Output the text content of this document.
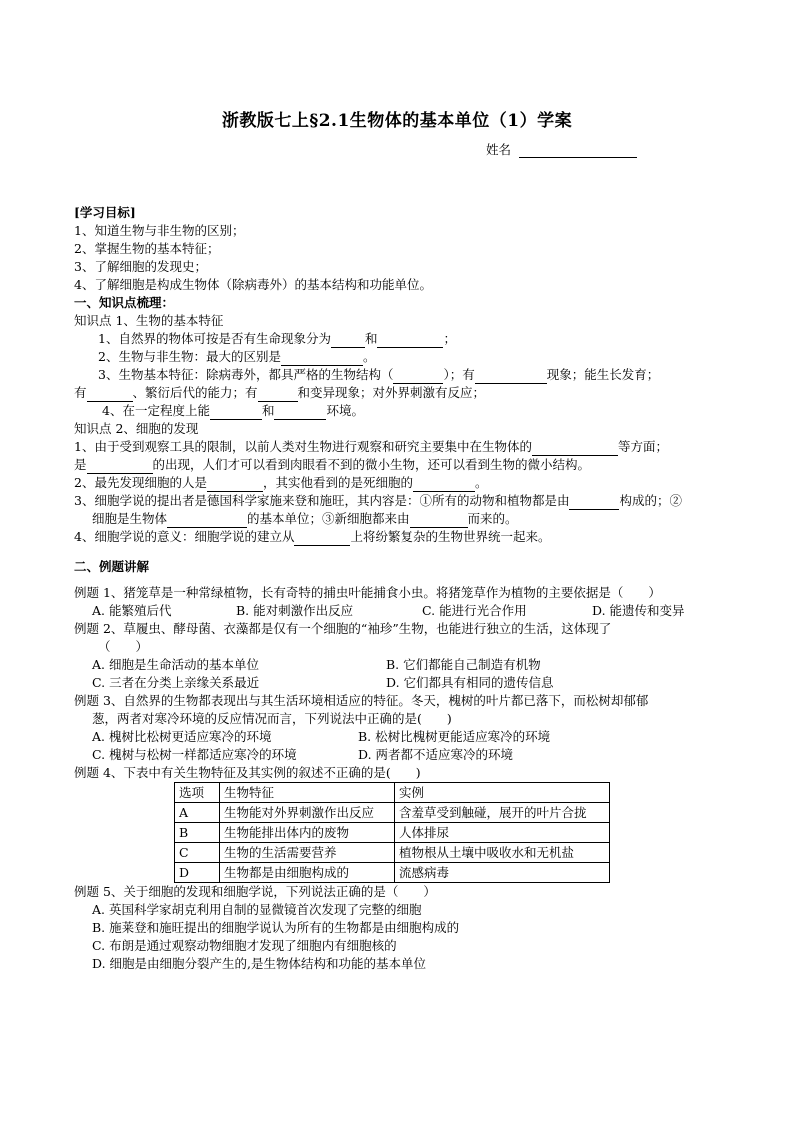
浙教版七上§2.1生物体的基本单位（1）学案
姓名
[学习目标]
1、知道生物与非生物的区别；
2、掌握生物的基本特征；
3、了解细胞的发现史；
4、了解细胞是构成生物体（除病毒外）的基本结构和功能单位。
一、知识点梳理：
知识点 1、生物的基本特征
1、自然界的物体可按是否有生命现象分为	和	；
2、生物与非生物：最大的区别是	。
3、生物基本特征：除病毒外，都具严格的生物结构（	）；有	现象；能生长发育；
有	、繁衍后代的能力；有	和变异现象；对外界刺激有反应；
4、在一定程度上能	和	环境。
知识点 2、细胞的发现
1、由于受到观察工具的限制，以前人类对生物进行观察和研究主要集中在生物体的	等方面；
是	的出现，人们才可以看到肉眼看不到的微小生物，还可以看到生物的微小结构。
2、最先发现细胞的人是	，其实他看到的是死细胞的	。
3、细胞学说的提出者是德国科学家施来登和施旺，其内容是：①所有的动物和植物都是由	构成的；②
细胞是生物体	的基本单位；③新细胞都来由	而来的。
4、细胞学说的意义：细胞学说的建立从	上将纷繁复杂的生物世界统一起来。
二、例题讲解
例题 1、猪笼草是一种常绿植物，长有奇特的捕虫叶能捕食小虫。将猪笼草作为植物的主要依据是（　　）
A. 能繁殖后代	B. 能对刺激作出反应	C. 能进行光合作用	D. 能遗传和变异
例题 2、草履虫、酵母菌、衣藻都是仅有一个细胞的“袖珍”生物，也能进行独立的生活，这体现了
（　　）
A. 细胞是生命活动的基本单位	B. 它们都能自己制造有机物
C. 三者在分类上亲缘关系最近	D. 它们都具有相同的遗传信息
例题 3、自然界的生物都表现出与其生活环境相适应的特征。冬天，槐树的叶片都已落下，而松树却郁郁
葱，两者对寒冷环境的反应情况而言，下列说法中正确的是(　　)
A. 槐树比松树更适应寒冷的环境	B. 松树比槐树更能适应寒冷的环境
C. 槐树与松树一样都适应寒冷的环境	D. 两者都不适应寒冷的环境
例题 4、下表中有关生物特征及其实例的叙述不正确的是(　　)
选项	生物特征	实例
A	生物能对外界刺激作出反应	含羞草受到触碰，展开的叶片合拢
B	生物能排出体内的废物	人体排尿
C	生物的生活需要营养	植物根从土壤中吸收水和无机盐
D	生物都是由细胞构成的	流感病毒
例题 5、关于细胞的发现和细胞学说，下列说法正确的是（　　）
A. 英国科学家胡克利用自制的显微镜首次发现了完整的细胞
B. 施莱登和施旺提出的细胞学说认为所有的生物都是由细胞构成的
C. 布朗是通过观察动物细胞才发现了细胞内有细胞核的
D. 细胞是由细胞分裂产生的,是生物体结构和功能的基本单位
